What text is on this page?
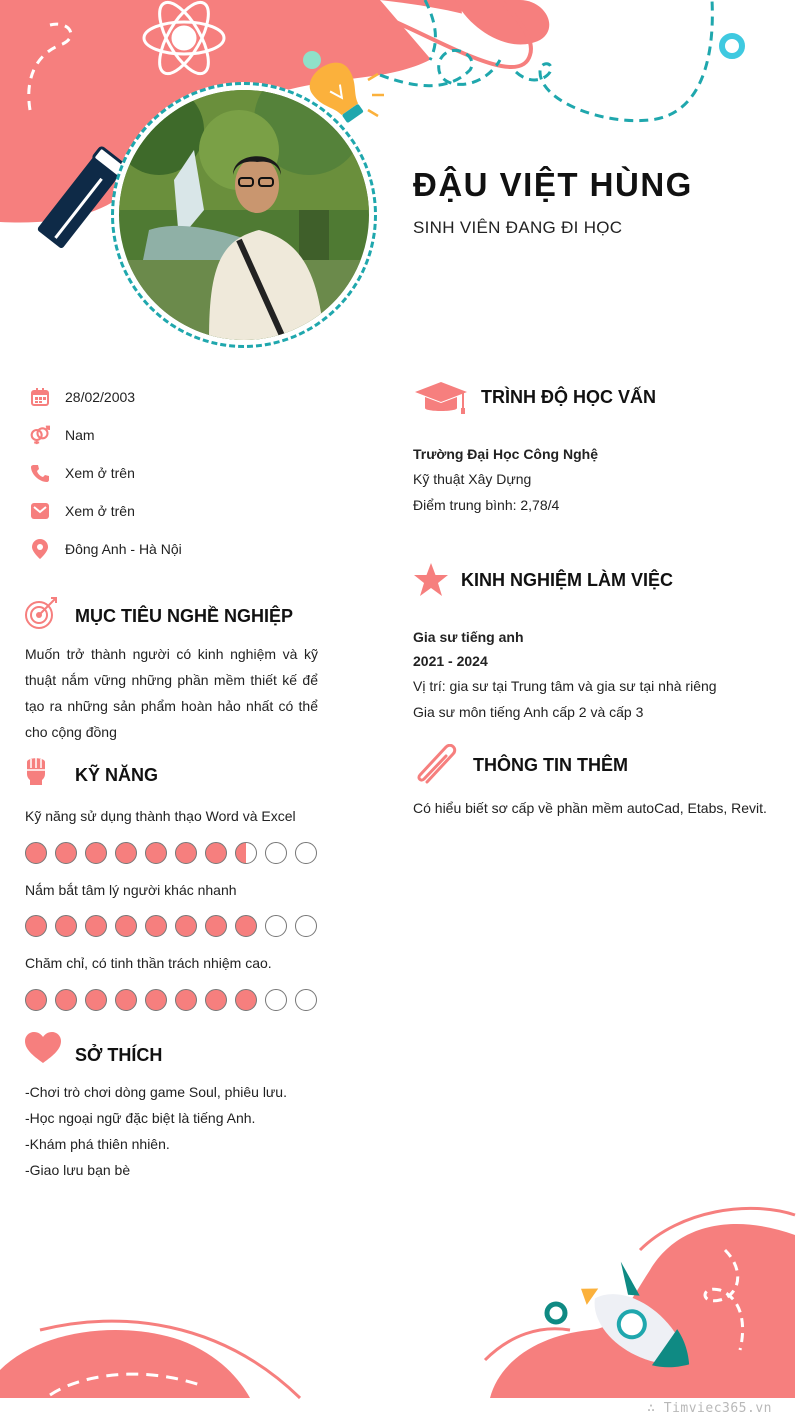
ĐẬU VIỆT HÙNG
SINH VIÊN ĐANG ĐI HỌC
28/02/2003
Nam
Xem ở trên
Xem ở trên
Đông Anh - Hà Nội
MỤC TIÊU NGHỀ NGHIỆP
Muốn trở thành người có kinh nghiệm và kỹ thuật nắm vững những phần mềm thiết kế để tạo ra những sản phẩm hoàn hảo nhất có thể cho cộng đồng
KỸ NĂNG
Kỹ năng sử dụng thành thạo Word và Excel
Nắm bắt tâm lý người khác nhanh
Chăm chỉ, có tinh thần trách nhiệm cao.
SỞ THÍCH
-Chơi trò chơi dòng game Soul, phiêu lưu.
-Học ngoại ngữ đặc biệt là tiếng Anh.
-Khám phá thiên nhiên.
-Giao lưu bạn bè
TRÌNH ĐỘ HỌC VẤN
Trường Đại Học Công Nghệ
Kỹ thuật Xây Dựng
Điểm trung bình: 2,78/4
KINH NGHIỆM LÀM VIỆC
Gia sư tiếng anh
2021 - 2024
Vị trí: gia sư tại Trung tâm và gia sư tại nhà riêng
Gia sư môn tiếng Anh cấp 2 và cấp 3
THÔNG TIN THÊM
Có hiểu biết sơ cấp về phần mềm autoCad, Etabs, Revit.
∴ Timviec365.vn
